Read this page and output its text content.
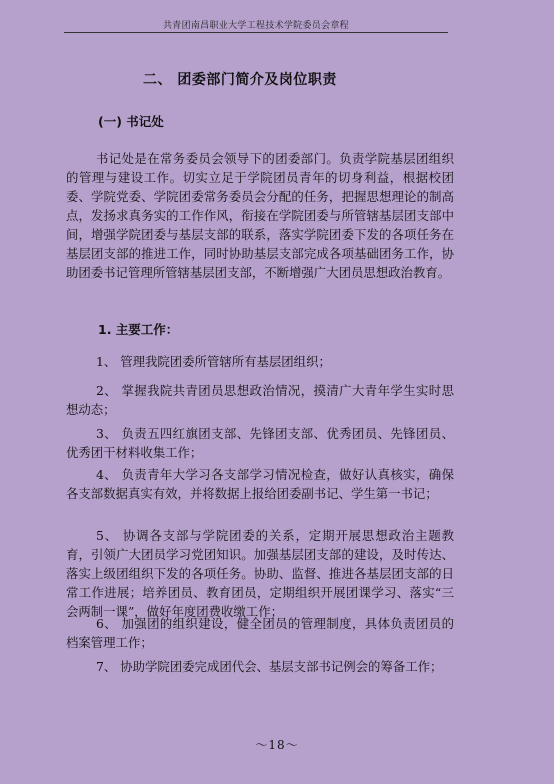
共青团南昌职业大学工程技术学院委员会章程
二、 团委部门简介及岗位职责
(一) 书记处

书记处是在常务委员会领导下的团委部门。负责学院基层团组织的管理与建设工作。切实立足于学院团员青年的切身利益，根据校团委、学院党委、学院团委常务委员会分配的任务，把握思想理论的制高点，发扬求真务实的工作作风，衔接在学院团委与所管辖基层团支部中间，增强学院团委与基层支部的联系，落实学院团委下发的各项任务在基层团支部的推进工作，同时协助基层支部完成各项基础团务工作，协助团委书记管理所管辖基层团支部，不断增强广大团员思想政治教育。

1. 主要工作：

1、 管理我院团委所管辖所有基层团组织；

2、 掌握我院共青团员思想政治情况，摸清广大青年学生实时思想动态；

3、 负责五四红旗团支部、先锋团支部、优秀团员、先锋团员、优秀团干材料收集工作；

4、 负责青年大学习各支部学习情况检查，做好认真核实，确保各支部数据真实有效，并将数据上报给团委副书记、学生第一书记；

5、 协调各支部与学院团委的关系，定期开展思想政治主题教育，引领广大团员学习党团知识。加强基层团支部的建设，及时传达、落实上级团组织下发的各项任务。协助、监督、推进各基层团支部的日常工作进展；培养团员、教育团员，定期组织开展团课学习、落实“三会两制一课”，做好年度团费收缴工作；

6、 加强团的组织建设，健全团员的管理制度，具体负责团员的档案管理工作；

7、 协助学院团委完成团代会、基层支部书记例会的筹备工作；

～18～
